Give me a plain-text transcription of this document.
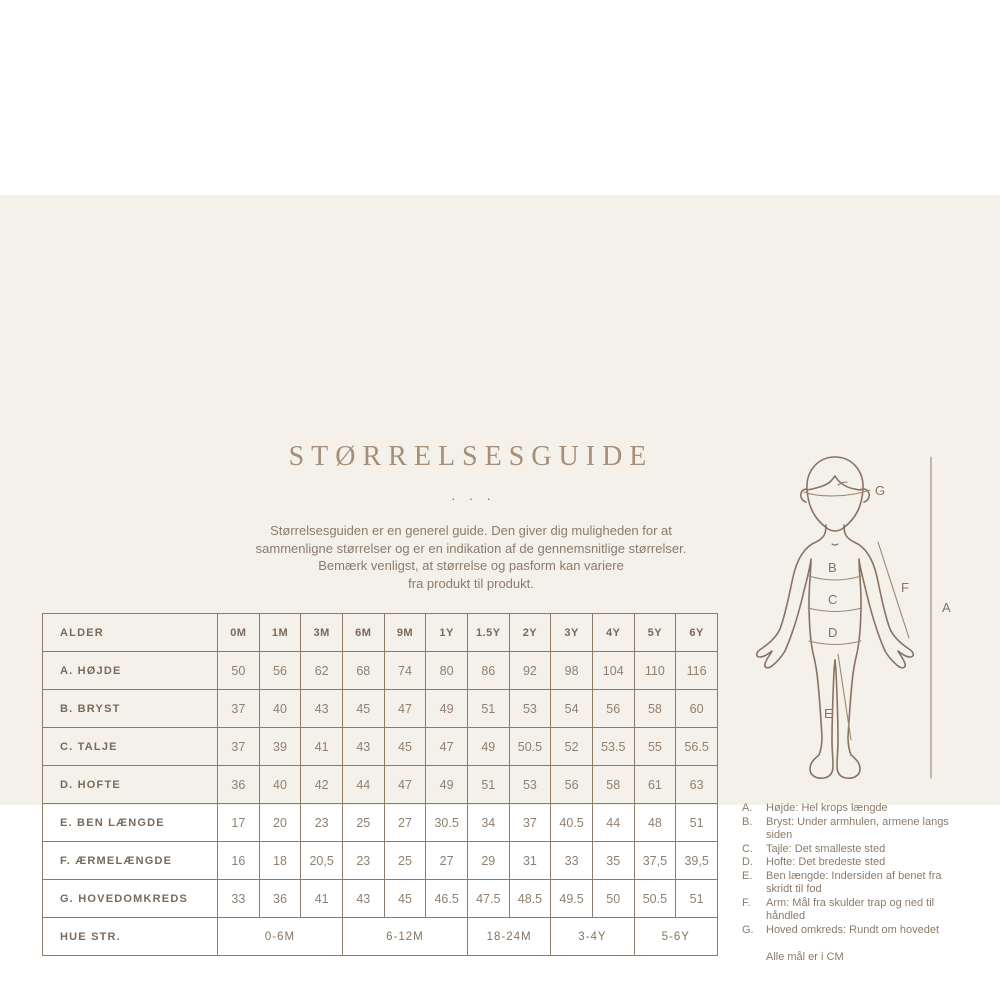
STØRRELSESGUIDE
···
Størrelsesguiden er en generel guide. Den giver dig muligheden for at
sammenligne størrelser og er en indikation af de gennemsnitlige størrelser.
Bemærk venligst, at størrelse og pasform kan variere
fra produkt til produkt.
ALDER	0M	1M	3M	6M	9M	1Y	1.5Y	2Y	3Y	4Y	5Y	6Y
A. HØJDE	50	56	62	68	74	80	86	92	98	104	110	116
B. BRYST	37	40	43	45	47	49	51	53	54	56	58	60
C. TALJE	37	39	41	43	45	47	49	50.5	52	53.5	55	56.5
D. HOFTE	36	40	42	44	47	49	51	53	56	58	61	63
E. BEN LÆNGDE	17	20	23	25	27	30.5	34	37	40.5	44	48	51
F. ÆRMELÆNGDE	16	18	20,5	23	25	27	29	31	33	35	37,5	39,5
G. HOVEDOMKREDS	33	36	41	43	45	46.5	47.5	48.5	49.5	50	50.5	51
HUE STR.	0-6M			6-12M			18-24M		3-4Y		5-6Y	
G
B
C
D
E
F
A
A.	Højde: Hel krops længde
B.	Bryst: Under armhulen, armene langs siden
C.	Tajle: Det smalleste sted
D.	Hofte: Det bredeste sted
E.	Ben længde: Indersiden af benet fra skridt til fod
F.	Arm: Mål fra skulder trap og ned til håndled
G.	Hoved omkreds: Rundt om hovedet
Alle mål er i CM
